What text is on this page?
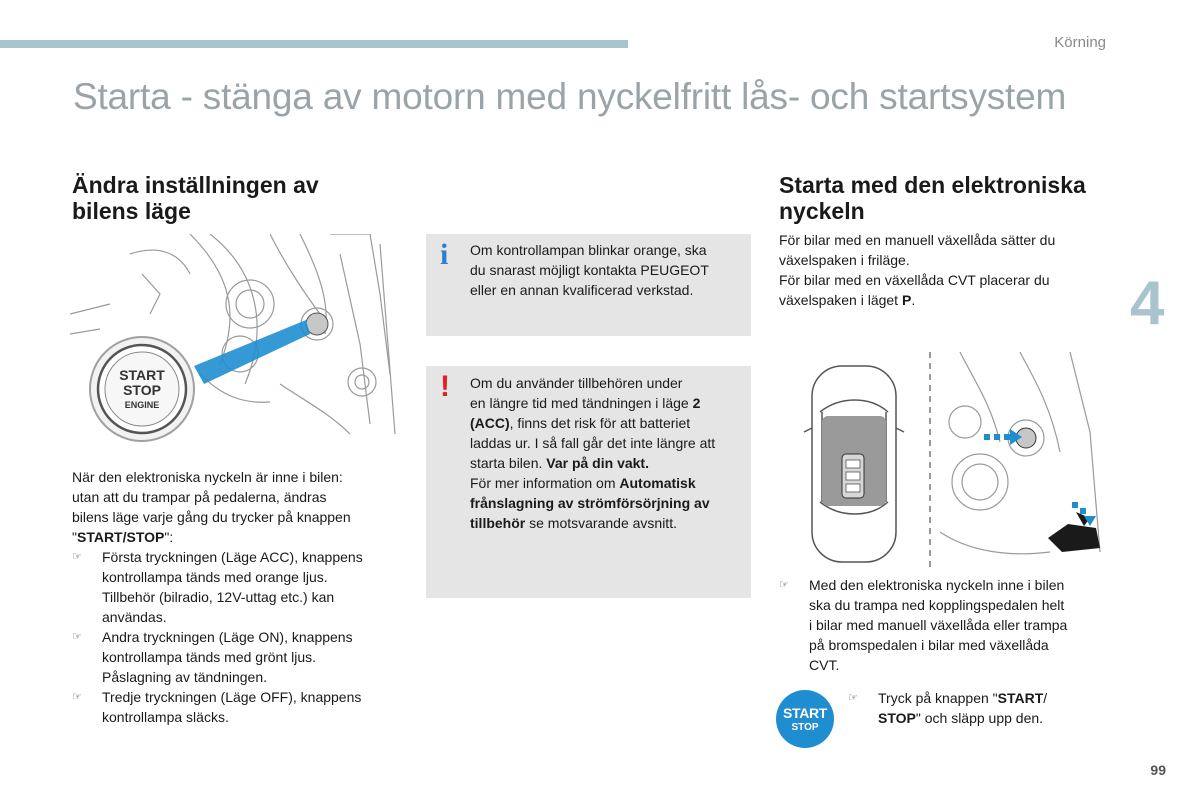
Körning
Starta - stänga av motorn med nyckelfritt lås- och startsystem
Ändra inställningen av
bilens läge
START
STOP
ENGINE
När den elektroniska nyckeln är inne i bilen:
utan att du trampar på pedalerna, ändras
bilens läge varje gång du trycker på knappen
"START/STOP":
☞ Första tryckningen (Läge ACC), knappens
kontrollampa tänds med orange ljus.
Tillbehör (bilradio, 12V-uttag etc.) kan
användas.
☞ Andra tryckningen (Läge ON), knappens
kontrollampa tänds med grönt ljus.
Påslagning av tändningen.
☞ Tredje tryckningen (Läge OFF), knappens
kontrollampa släcks.
i Om kontrollampan blinkar orange, ska
du snarast möjligt kontakta PEUGEOT
eller en annan kvalificerad verkstad.
! Om du använder tillbehören under
en längre tid med tändningen i läge 2
(ACC), finns det risk för att batteriet
laddas ur. I så fall går det inte längre att
starta bilen. Var på din vakt.
För mer information om Automatisk
frånslagning av strömförsörjning av
tillbehör se motsvarande avsnitt.
Starta med den elektroniska
nyckeln
För bilar med en manuell växellåda sätter du
växelspaken i friläge.
För bilar med en växellåda CVT placerar du
växelspaken i läget P.
☞ Med den elektroniska nyckeln inne i bilen
ska du trampa ned kopplingspedalen helt
i bilar med manuell växellåda eller trampa
på bromspedalen i bilar med växellåda
CVT.
START
STOP
☞ Tryck på knappen "START/
STOP" och släpp upp den.
4
99
